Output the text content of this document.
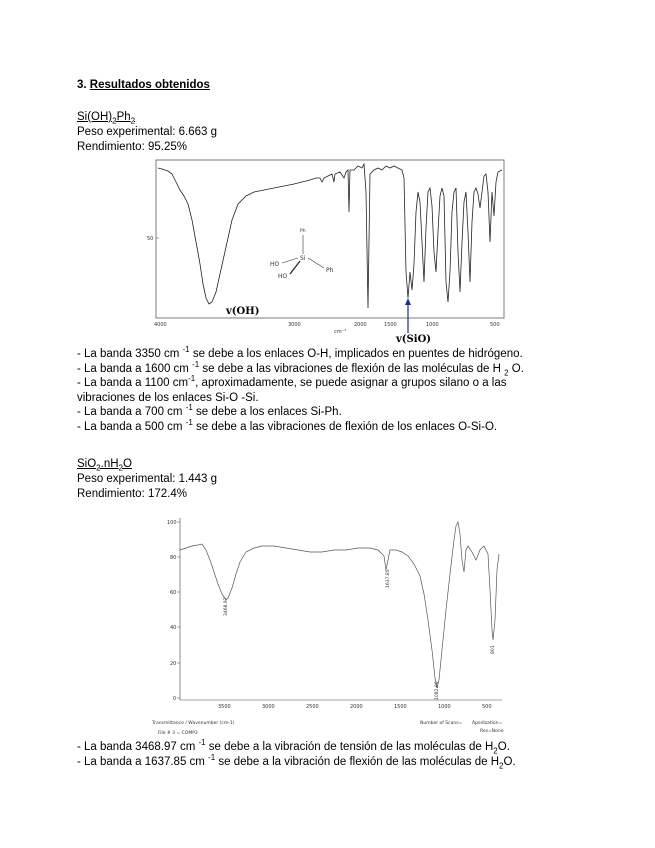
3. Resultados obtenidos
$Si(OH)_2Ph_2$
Peso experimental: 6.663 g
Rendimiento: 95.25%
50
v(OH)
v(SiO)
Ph
Si
HO
HO
Ph
4000	3000	2000	1500	1000	500
cm⁻¹
- La banda 3350 cm $^{-1}$ se debe a los enlaces O-H, implicados en puentes de hidrógeno.
- La banda a 1600 cm $^{-1}$ se debe a las vibraciones de flexión de las moléculas de H $_2$ O.
- La banda a 1100 $cm^{-1}$, aproximadamente, se puede asignar a grupos silano o a las
vibraciones de los enlaces Si-O -Si.
- La banda a 700 cm $^{-1}$ se debe a los enlaces Si-Ph.
- La banda a 500 cm $^{-1}$ se debe a las vibraciones de flexión de los enlaces O-Si-O.
$SiO_2.nH_2O$
Peso experimental: 1.443 g
Rendimiento: 172.4%
100
80
60
40
20
0
3468.97
1637.85
1082.96
801
3500	3000	2500	2000	1500	1000	500
Transmittance / Wavenumber (cm-1)
File # 3 = COMP3
Number of Scans= Apodization=
Res=None
- La banda 3468.97 cm $^{-1}$ se debe a la vibración de tensión de las moléculas de $H_2O$.
- La banda a 1637.85 cm $^{-1}$ se debe a la vibración de flexión de las moléculas de $H_2O$.
